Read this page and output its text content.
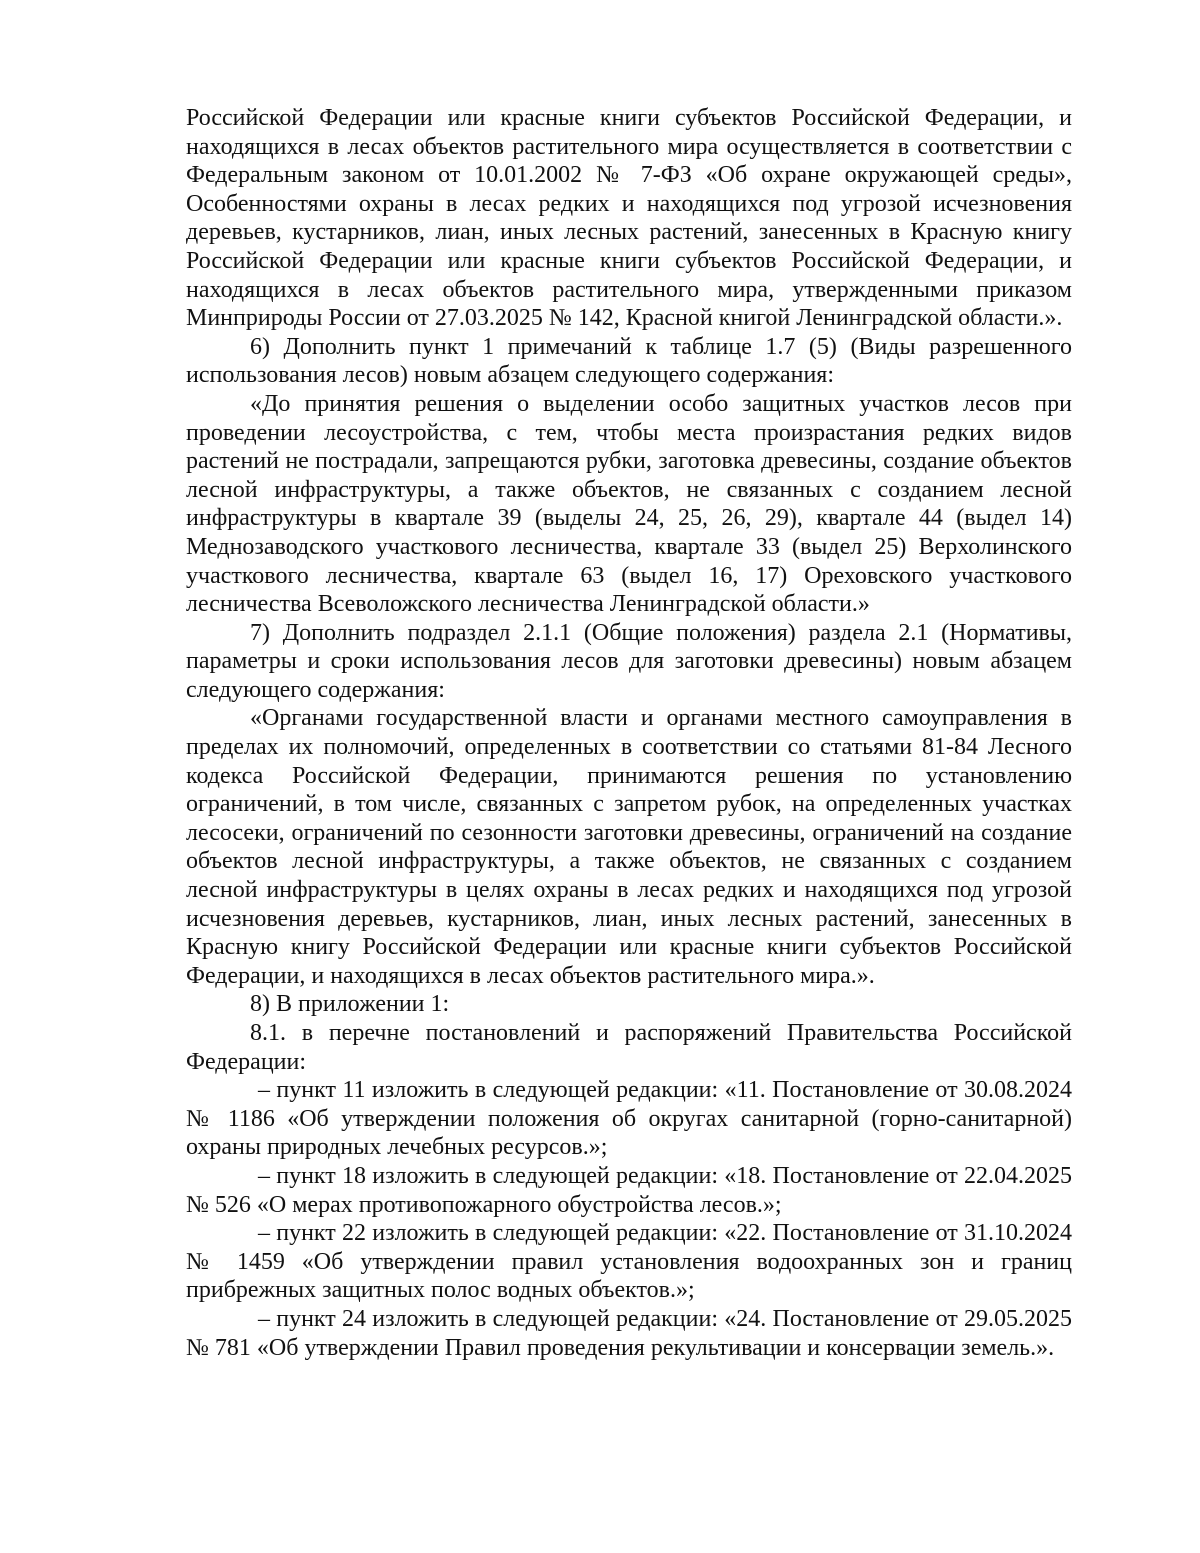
Российской Федерации или красные книги субъектов Российской Федерации, и находящихся в лесах объектов растительного мира осуществляется в соответствии с Федеральным законом от 10.01.2002 № 7-ФЗ «Об охране окружающей среды», Особенностями охраны в лесах редких и находящихся под угрозой исчезновения деревьев, кустарников, лиан, иных лесных растений, занесенных в Красную книгу Российской Федерации или красные книги субъектов Российской Федерации, и находящихся в лесах объектов растительного мира, утвержденными приказом Минприроды России от 27.03.2025 № 142, Красной книгой Ленинградской области.».

6) Дополнить пункт 1 примечаний к таблице 1.7 (5) (Виды разрешенного использования лесов) новым абзацем следующего содержания:

«До принятия решения о выделении особо защитных участков лесов при проведении лесоустройства, с тем, чтобы места произрастания редких видов растений не пострадали, запрещаются рубки, заготовка древесины, создание объектов лесной инфраструктуры, а также объектов, не связанных с созданием лесной инфраструктуры в квартале 39 (выделы 24, 25, 26, 29), квартале 44 (выдел 14) Меднозаводского участкового лесничества, квартале 33 (выдел 25) Верхолинского участкового лесничества, квартале 63 (выдел 16, 17) Ореховского участкового лесничества Всеволожского лесничества Ленинградской области.»

7) Дополнить подраздел 2.1.1 (Общие положения) раздела 2.1 (Нормативы, параметры и сроки использования лесов для заготовки древесины) новым абзацем следующего содержания:

«Органами государственной власти и органами местного самоуправления в пределах их полномочий, определенных в соответствии со статьями 81-84 Лесного кодекса Российской Федерации, принимаются решения по установлению ограничений, в том числе, связанных с запретом рубок, на определенных участках лесосеки, ограничений по сезонности заготовки древесины, ограничений на создание объектов лесной инфраструктуры, а также объектов, не связанных с созданием лесной инфраструктуры в целях охраны в лесах редких и находящихся под угрозой исчезновения деревьев, кустарников, лиан, иных лесных растений, занесенных в Красную книгу Российской Федерации или красные книги субъектов Российской Федерации, и находящихся в лесах объектов растительного мира.».

8) В приложении 1:

8.1. в перечне постановлений и распоряжений Правительства Российской Федерации:

– пункт 11 изложить в следующей редакции: «11. Постановление от 30.08.2024 № 1186 «Об утверждении положения об округах санитарной (горно-санитарной) охраны природных лечебных ресурсов.»;

– пункт 18 изложить в следующей редакции: «18. Постановление от 22.04.2025 № 526 «О мерах противопожарного обустройства лесов.»;

– пункт 22 изложить в следующей редакции: «22. Постановление от 31.10.2024 № 1459 «Об утверждении правил установления водоохранных зон и границ прибрежных защитных полос водных объектов.»;

– пункт 24 изложить в следующей редакции: «24. Постановление от 29.05.2025 № 781 «Об утверждении Правил проведения рекультивации и консервации земель.».
